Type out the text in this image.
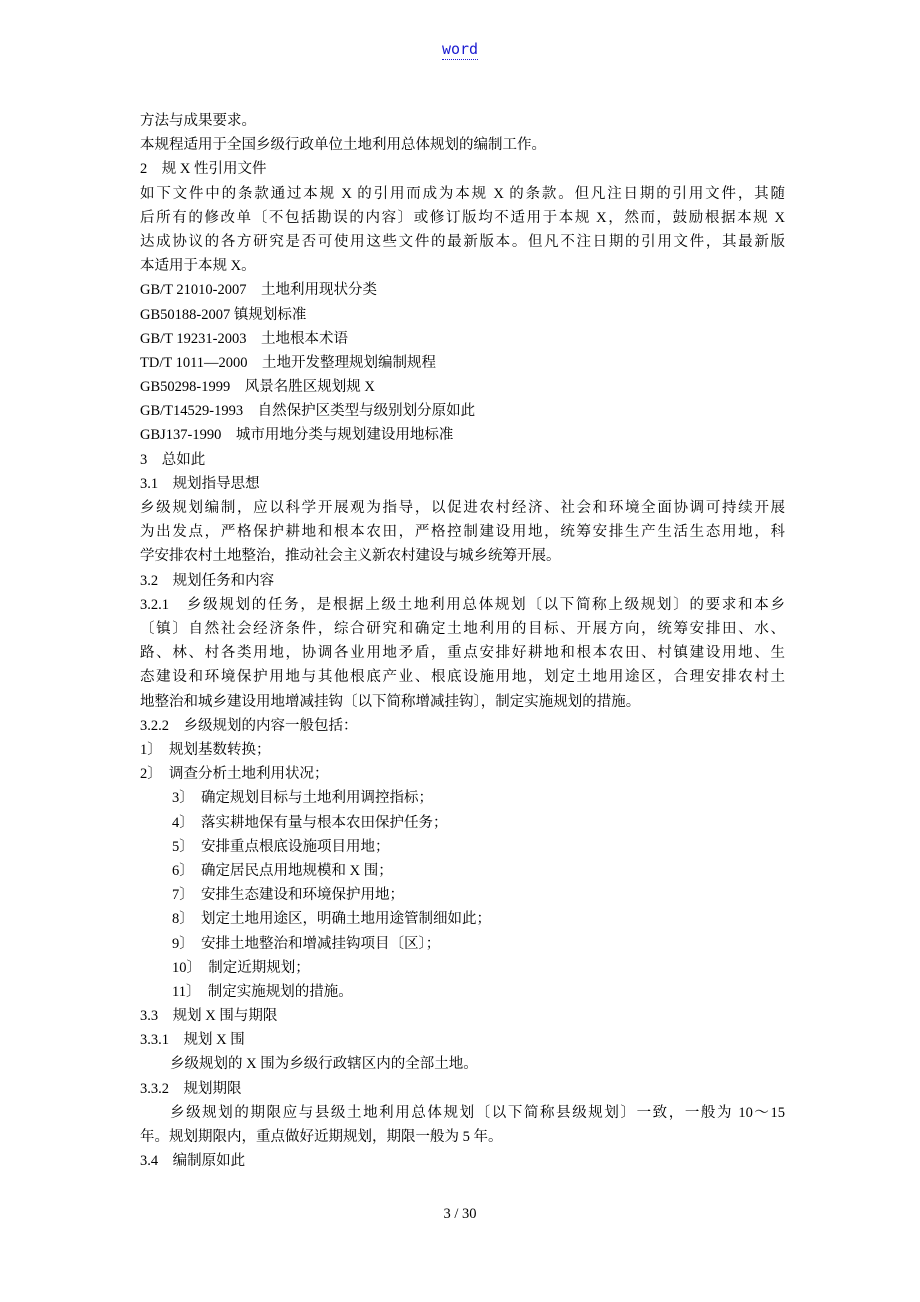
word
方法与成果要求。
本规程适用于全国乡级行政单位土地利用总体规划的编制工作。
2　规 X 性引用文件
如下文件中的条款通过本规 X 的引用而成为本规 X 的条款。但凡注日期的引用文件，其随
后所有的修改单〔不包括勘误的内容〕或修订版均不适用于本规 X，然而，鼓励根据本规 X
达成协议的各方研究是否可使用这些文件的最新版本。但凡不注日期的引用文件，其最新版
本适用于本规 X。
GB/T 21010-2007　土地利用现状分类
GB50188-2007 镇规划标准
GB/T 19231-2003　土地根本术语
TD/T 1011—2000　土地开发整理规划编制规程
GB50298-1999　风景名胜区规划规 X
GB/T14529-1993　自然保护区类型与级别划分原如此
GBJ137-1990　城市用地分类与规划建设用地标准
3　总如此
3.1　规划指导思想
乡级规划编制，应以科学开展观为指导，以促进农村经济、社会和环境全面协调可持续开展
为出发点，严格保护耕地和根本农田，严格控制建设用地，统筹安排生产生活生态用地，科
学安排农村土地整治，推动社会主义新农村建设与城乡统筹开展。
3.2　规划任务和内容
3.2.1　乡级规划的任务，是根据上级土地利用总体规划〔以下简称上级规划〕的要求和本乡
〔镇〕自然社会经济条件，综合研究和确定土地利用的目标、开展方向，统筹安排田、水、
路、林、村各类用地，协调各业用地矛盾，重点安排好耕地和根本农田、村镇建设用地、生
态建设和环境保护用地与其他根底产业、根底设施用地，划定土地用途区，合理安排农村土
地整治和城乡建设用地增减挂钩〔以下简称增减挂钩〕，制定实施规划的措施。
3.2.2　乡级规划的内容一般包括：
1〕　规划基数转换；
2〕　调查分析土地利用状况；
3〕　确定规划目标与土地利用调控指标；
4〕　落实耕地保有量与根本农田保护任务；
5〕　安排重点根底设施项目用地；
6〕　确定居民点用地规模和 X 围；
7〕　安排生态建设和环境保护用地；
8〕　划定土地用途区，明确土地用途管制细如此；
9〕　安排土地整治和增减挂钩项目〔区〕；
10〕　制定近期规划；
11〕　制定实施规划的措施。
3.3　规划 X 围与期限
3.3.1　规划 X 围
乡级规划的 X 围为乡级行政辖区内的全部土地。
3.3.2　规划期限
乡级规划的期限应与县级土地利用总体规划〔以下简称县级规划〕一致，一般为 10～15
年。规划期限内，重点做好近期规划，期限一般为 5 年。
3.4　编制原如此
3 / 30
